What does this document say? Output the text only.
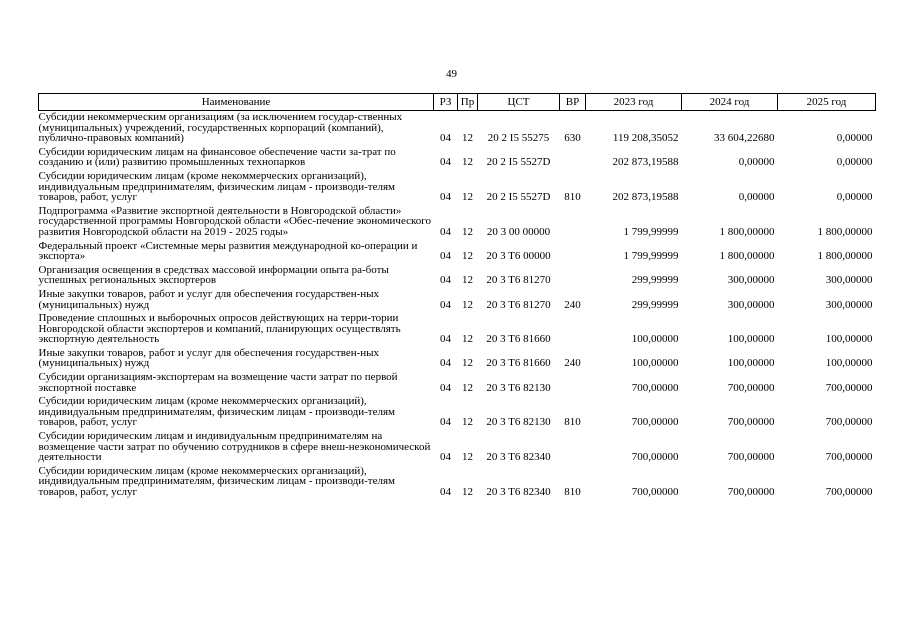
49
Наименование	РЗ	Пр	ЦСТ	ВР	2023 год	2024 год	2025 год
Субсидии некоммерческим организациям (за исключением государ-ственных (муниципальных) учреждений, государственных корпораций (компаний), публично-правовых компаний)	04	12	20 2 I5 55275	630	119 208,35052	33 604,22680	0,00000
Субсидии юридическим лицам на финансовое обеспечение части за-трат по созданию и (или) развитию промышленных технопарков	04	12	20 2 I5 5527D		202 873,19588	0,00000	0,00000
Субсидии юридическим лицам (кроме некоммерческих организаций), индивидуальным предпринимателям, физическим лицам - производи-телям товаров, работ, услуг	04	12	20 2 I5 5527D	810	202 873,19588	0,00000	0,00000
Подпрограмма «Развитие экспортной деятельности в Новгородской области» государственной программы Новгородской области «Обес-печение экономического развития Новгородской области на 2019 - 2025 годы»	04	12	20 3 00 00000		1 799,99999	1 800,00000	1 800,00000
Федеральный проект «Системные меры развития международной ко-операции и экспорта»	04	12	20 3 T6 00000		1 799,99999	1 800,00000	1 800,00000
Организация освещения в средствах массовой информации опыта ра-боты успешных региональных экспортеров	04	12	20 3 T6 81270		299,99999	300,00000	300,00000
Иные закупки товаров, работ и услуг для обеспечения государствен-ных (муниципальных) нужд	04	12	20 3 T6 81270	240	299,99999	300,00000	300,00000
Проведение сплошных и выборочных опросов действующих на терри-тории Новгородской области экспортеров и компаний, планирующих осуществлять экспортную деятельность	04	12	20 3 T6 81660		100,00000	100,00000	100,00000
Иные закупки товаров, работ и услуг для обеспечения государствен-ных (муниципальных) нужд	04	12	20 3 T6 81660	240	100,00000	100,00000	100,00000
Субсидии организациям-экспортерам на возмещение части затрат по первой экспортной поставке	04	12	20 3 T6 82130		700,00000	700,00000	700,00000
Субсидии юридическим лицам (кроме некоммерческих организаций), индивидуальным предпринимателям, физическим лицам - производи-телям товаров, работ, услуг	04	12	20 3 T6 82130	810	700,00000	700,00000	700,00000
Субсидии юридическим лицам и индивидуальным предпринимателям на возмещение части затрат по обучению сотрудников в сфере внеш-неэкономической деятельности	04	12	20 3 T6 82340		700,00000	700,00000	700,00000
Субсидии юридическим лицам (кроме некоммерческих организаций), индивидуальным предпринимателям, физическим лицам - производи-телям товаров, работ, услуг	04	12	20 3 T6 82340	810	700,00000	700,00000	700,00000
